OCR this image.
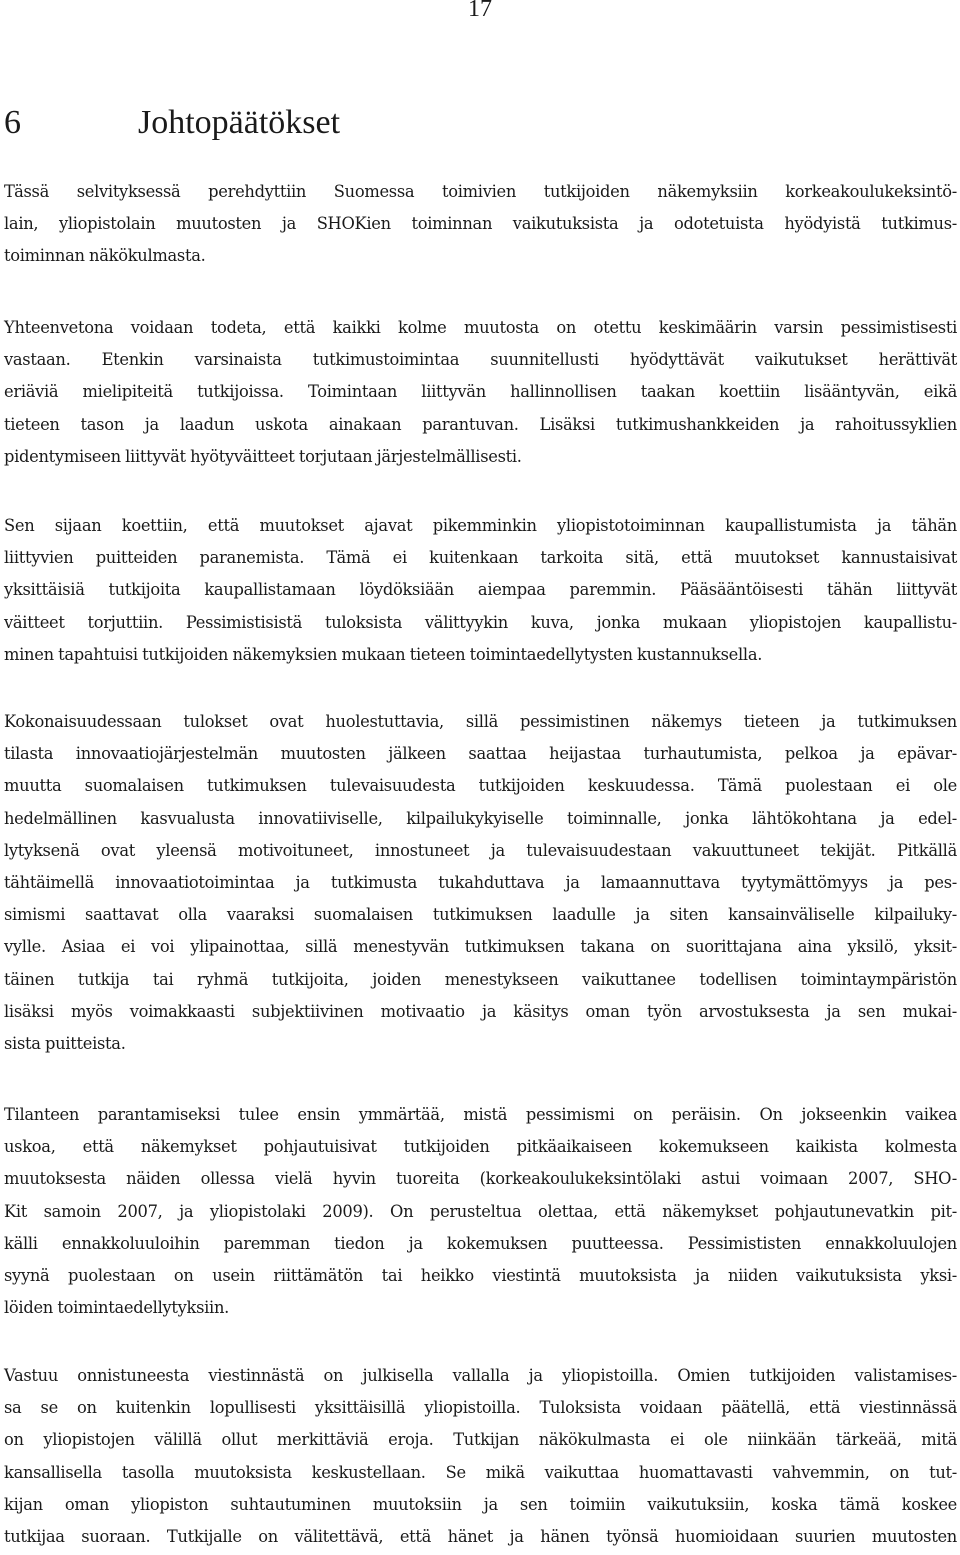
17
6	Johtopäätökset

Tässä selvityksessä perehdyttiin Suomessa toimivien tutkijoiden näkemyksiin korkeakoulukeksintö-
lain, yliopistolain muutosten ja SHOKien toiminnan vaikutuksista ja odotetuista hyödyistä tutkimus-
toiminnan näkökulmasta.

Yhteenvetona voidaan todeta, että kaikki kolme muutosta on otettu keskimäärin varsin pessimistisesti
vastaan. Etenkin varsinaista tutkimustoimintaa suunnitellusti hyödyttävät vaikutukset herättivät
eriäviä mielipiteitä tutkijoissa. Toimintaan liittyvän hallinnollisen taakan koettiin lisääntyvän, eikä
tieteen tason ja laadun uskota ainakaan parantuvan. Lisäksi tutkimushankkeiden ja rahoitussyklien
pidentymiseen liittyvät hyötyväitteet torjutaan järjestelmällisesti.

Sen sijaan koettiin, että muutokset ajavat pikemminkin yliopistotoiminnan kaupallistumista ja tähän
liittyvien puitteiden paranemista. Tämä ei kuitenkaan tarkoita sitä, että muutokset kannustaisivat
yksittäisiä tutkijoita kaupallistamaan löydöksiään aiempaa paremmin. Pääsääntöisesti tähän liittyvät
väitteet torjuttiin. Pessimistisistä tuloksista välittyykin kuva, jonka mukaan yliopistojen kaupallistu-
minen tapahtuisi tutkijoiden näkemyksien mukaan tieteen toimintaedellytysten kustannuksella.

Kokonaisuudessaan tulokset ovat huolestuttavia, sillä pessimistinen näkemys tieteen ja tutkimuksen
tilasta innovaatiojärjestelmän muutosten jälkeen saattaa heijastaa turhautumista, pelkoa ja epävar-
muutta suomalaisen tutkimuksen tulevaisuudesta tutkijoiden keskuudessa. Tämä puolestaan ei ole
hedelmällinen kasvualusta innovatiiviselle, kilpailukykyiselle toiminnalle, jonka lähtökohtana ja edel-
lytyksenä ovat yleensä motivoituneet, innostuneet ja tulevaisuudestaan vakuuttuneet tekijät. Pitkällä
tähtäimellä innovaatiotoimintaa ja tutkimusta tukahduttava ja lamaannuttava tyytymättömyys ja pes-
simismi saattavat olla vaaraksi suomalaisen tutkimuksen laadulle ja siten kansainväliselle kilpailuky-
vylle. Asiaa ei voi ylipainottaa, sillä menestyvän tutkimuksen takana on suorittajana aina yksilö, yksit-
täinen tutkija tai ryhmä tutkijoita, joiden menestykseen vaikuttanee todellisen toimintaympäristön
lisäksi myös voimakkaasti subjektiivinen motivaatio ja käsitys oman työn arvostuksesta ja sen mukai-
sista puitteista.

Tilanteen parantamiseksi tulee ensin ymmärtää, mistä pessimismi on peräisin. On jokseenkin vaikea
uskoa, että näkemykset pohjautuisivat tutkijoiden pitkäaikaiseen kokemukseen kaikista kolmesta
muutoksesta näiden ollessa vielä hyvin tuoreita (korkeakoulukeksintölaki astui voimaan 2007, SHO-
Kit samoin 2007, ja yliopistolaki 2009). On perusteltua olettaa, että näkemykset pohjautunevatkin pit-
källi ennakkoluuloihin paremman tiedon ja kokemuksen puutteessa. Pessimististen ennakkoluulojen
syynä puolestaan on usein riittämätön tai heikko viestintä muutoksista ja niiden vaikutuksista yksi-
löiden toimintaedellytyksiin.

Vastuu onnistuneesta viestinnästä on julkisella vallalla ja yliopistoilla. Omien tutkijoiden valistamises-
sa se on kuitenkin lopullisesti yksittäisillä yliopistoilla. Tuloksista voidaan päätellä, että viestinnässä
on yliopistojen välillä ollut merkittäviä eroja. Tutkijan näkökulmasta ei ole niinkään tärkeää, mitä
kansallisella tasolla muutoksista keskustellaan. Se mikä vaikuttaa huomattavasti vahvemmin, on tut-
kijan oman yliopiston suhtautuminen muutoksiin ja sen toimiin vaikutuksiin, koska tämä koskee
tutkijaa suoraan. Tutkijalle on välitettävä, että hänet ja hänen työnsä huomioidaan suurien muutosten
